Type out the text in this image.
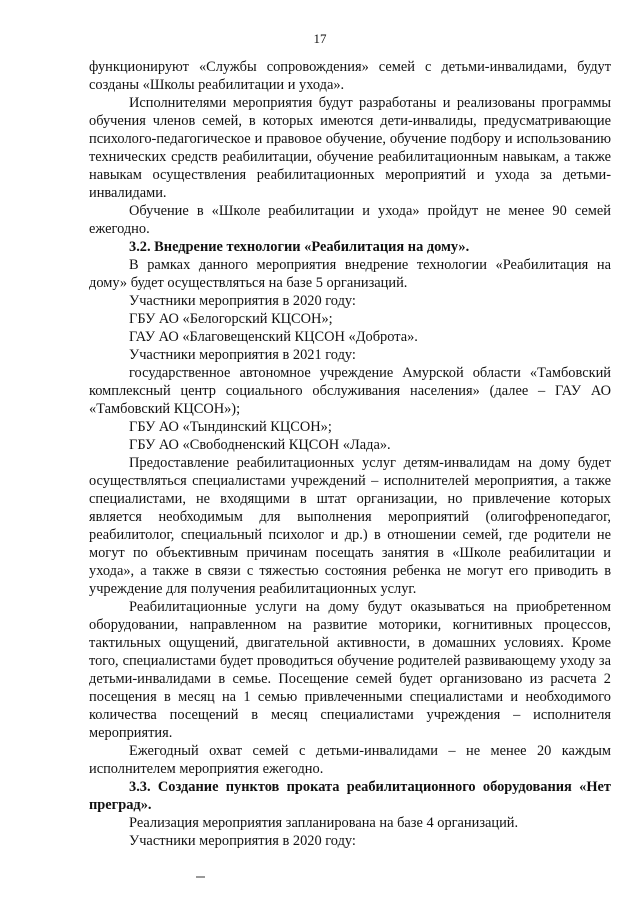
17

функционируют «Службы сопровождения» семей с детьми-инвалидами, будут созданы «Школы реабилитации и ухода».

Исполнителями мероприятия будут разработаны и реализованы программы обучения членов семей, в которых имеются дети-инвалиды, предусматривающие психолого-педагогическое и правовое обучение, обучение подбору и использованию технических средств реабилитации, обучение реабилитационным навыкам, а также навыкам осуществления реабилитационных мероприятий и ухода за детьми-инвалидами.

Обучение в «Школе реабилитации и ухода» пройдут не менее 90 семей ежегодно.

3.2. Внедрение технологии «Реабилитация на дому».

В рамках данного мероприятия внедрение технологии «Реабилитация на дому» будет осуществляться на базе 5 организаций.

Участники мероприятия в 2020 году:

ГБУ АО «Белогорский КЦСОН»;

ГАУ АО «Благовещенский КЦСОН «Доброта».

Участники мероприятия в 2021 году:

государственное автономное учреждение Амурской области «Тамбовский комплексный центр социального обслуживания населения» (далее – ГАУ АО «Тамбовский КЦСОН»);

ГБУ АО «Тындинский КЦСОН»;

ГБУ АО «Свободненский КЦСОН «Лада».

Предоставление реабилитационных услуг детям-инвалидам на дому будет осуществляться специалистами учреждений – исполнителей мероприятия, а также специалистами, не входящими в штат организации, но привлечение которых является необходимым для выполнения мероприятий (олигофренопедагог, реабилитолог, специальный психолог и др.) в отношении семей, где родители не могут по объективным причинам посещать занятия в «Школе реабилитации и ухода», а также в связи с тяжестью состояния ребенка не могут его приводить в учреждение для получения реабилитационных услуг.

Реабилитационные услуги на дому будут оказываться на приобретенном оборудовании, направленном на развитие моторики, когнитивных процессов, тактильных ощущений, двигательной активности, в домашних условиях. Кроме того, специалистами будет проводиться обучение родителей развивающему уходу за детьми-инвалидами в семье. Посещение семей будет организовано из расчета 2 посещения в месяц на 1 семью привлеченными специалистами и необходимого количества посещений в месяц специалистами учреждения – исполнителя мероприятия.

Ежегодный охват семей с детьми-инвалидами – не менее 20 каждым исполнителем мероприятия ежегодно.

3.3. Создание пунктов проката реабилитационного оборудования «Нет преград».

Реализация мероприятия запланирована на базе 4 организаций.

Участники мероприятия в 2020 году:
